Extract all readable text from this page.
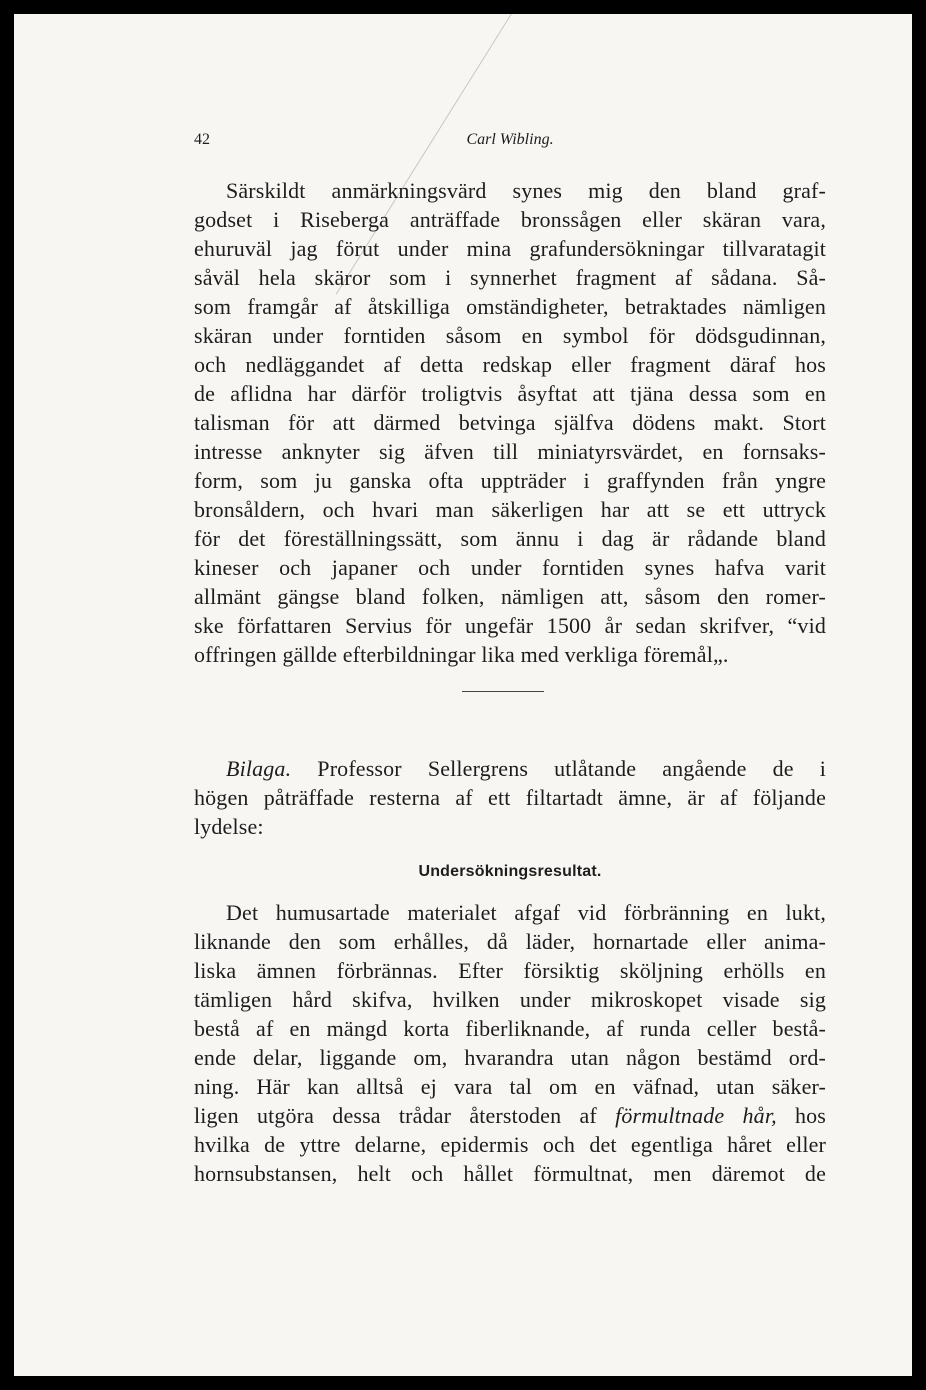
42	Carl Wibling.
Särskildt anmärkningsvärd synes mig den bland graf-
godset i Riseberga anträffade bronssågen eller skäran vara,
ehuruväl jag förut under mina grafundersökningar tillvaratagit
såväl hela skäror som i synnerhet fragment af sådana. Så-
som framgår af åtskilliga omständigheter, betraktades nämligen
skäran under forntiden såsom en symbol för dödsgudinnan,
och nedläggandet af detta redskap eller fragment däraf hos
de aflidna har därför troligtvis åsyftat att tjäna dessa som en
talisman för att därmed betvinga själfva dödens makt. Stort
intresse anknyter sig äfven till miniatyrsvärdet, en fornsaks-
form, som ju ganska ofta uppträder i graffynden från yngre
bronsåldern, och hvari man säkerligen har att se ett uttryck
för det föreställningssätt, som ännu i dag är rådande bland
kineser och japaner och under forntiden synes hafva varit
allmänt gängse bland folken, nämligen att, såsom den romer-
ske författaren Servius för ungefär 1500 år sedan skrifver, “vid
offringen gällde efterbildningar lika med verkliga föremål„.
Bilaga. Professor Sellergrens utlåtande angående de i
högen påträffade resterna af ett filtartadt ämne, är af följande
lydelse:
Undersökningsresultat.
Det humusartade materialet afgaf vid förbränning en lukt,
liknande den som erhålles, då läder, hornartade eller anima-
liska ämnen förbrännas. Efter försiktig sköljning erhölls en
tämligen hård skifva, hvilken under mikroskopet visade sig
bestå af en mängd korta fiberliknande, af runda celler bestå-
ende delar, liggande om, hvarandra utan någon bestämd ord-
ning. Här kan alltså ej vara tal om en väfnad, utan säker-
ligen utgöra dessa trådar återstoden af förmultnade hår, hos
hvilka de yttre delarne, epidermis och det egentliga håret eller
hornsubstansen, helt och hållet förmultnat, men däremot de
